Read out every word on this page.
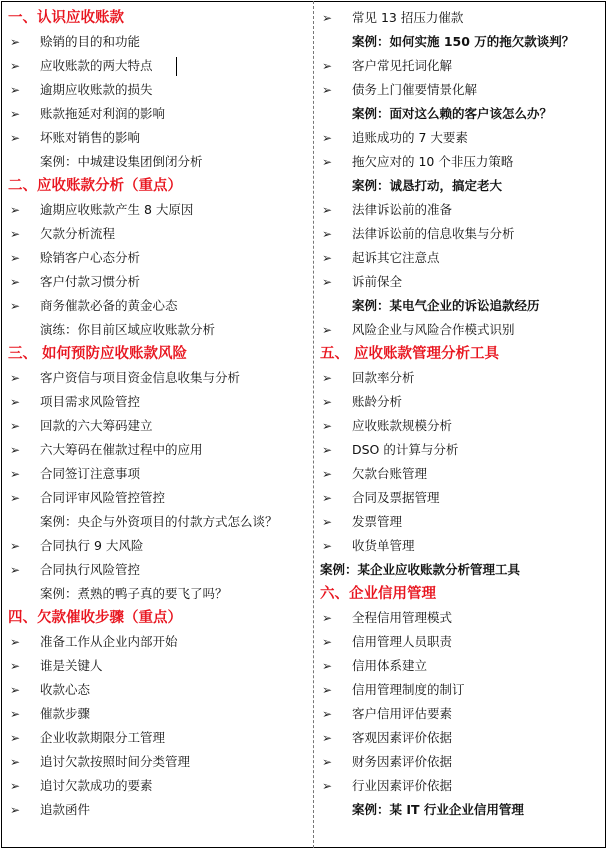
一、认识应收账款
➢ 赊销的目的和功能
➢ 应收账款的两大特点
➢ 逾期应收账款的损失
➢ 账款拖延对利润的影响
➢ 坏账对销售的影响
案例：中城建设集团倒闭分析
二、应收账款分析（重点）
➢ 逾期应收账款产生 8 大原因
➢ 欠款分析流程
➢ 赊销客户心态分析
➢ 客户付款习惯分析
➢ 商务催款必备的黄金心态
演练：你目前区域应收账款分析
三、 如何预防应收账款风险
➢ 客户资信与项目资金信息收集与分析
➢ 项目需求风险管控
➢ 回款的六大筹码建立
➢ 六大筹码在催款过程中的应用
➢ 合同签订注意事项
➢ 合同评审风险管控管控
案例：央企与外资项目的付款方式怎么谈？
➢ 合同执行 9 大风险
➢ 合同执行风险管控
案例：煮熟的鸭子真的要飞了吗？
四、欠款催收步骤（重点）
➢ 准备工作从企业内部开始
➢ 谁是关键人
➢ 收款心态
➢ 催款步骤
➢ 企业收款期限分工管理
➢ 追讨欠款按照时间分类管理
➢ 追讨欠款成功的要素
➢ 追款函件
➢ 常见 13 招压力催款
案例：如何实施 150 万的拖欠款谈判？
➢ 客户常见托词化解
➢ 债务上门催要情景化解
案例：面对这么赖的客户该怎么办？
➢ 追账成功的 7 大要素
➢ 拖欠应对的 10 个非压力策略
案例：诚恳打动，搞定老大
➢ 法律诉讼前的准备
➢ 法律诉讼前的信息收集与分析
➢ 起诉其它注意点
➢ 诉前保全
案例：某电气企业的诉讼追款经历
➢ 风险企业与风险合作模式识别
五、 应收账款管理分析工具
➢ 回款率分析
➢ 账龄分析
➢ 应收账款规模分析
➢ DSO 的计算与分析
➢ 欠款台账管理
➢ 合同及票据管理
➢ 发票管理
➢ 收货单管理
案例：某企业应收账款分析管理工具
六、企业信用管理
➢ 全程信用管理模式
➢ 信用管理人员职责
➢ 信用体系建立
➢ 信用管理制度的制订
➢ 客户信用评估要素
➢ 客观因素评价依据
➢ 财务因素评价依据
➢ 行业因素评价依据
案例：某 IT 行业企业信用管理
